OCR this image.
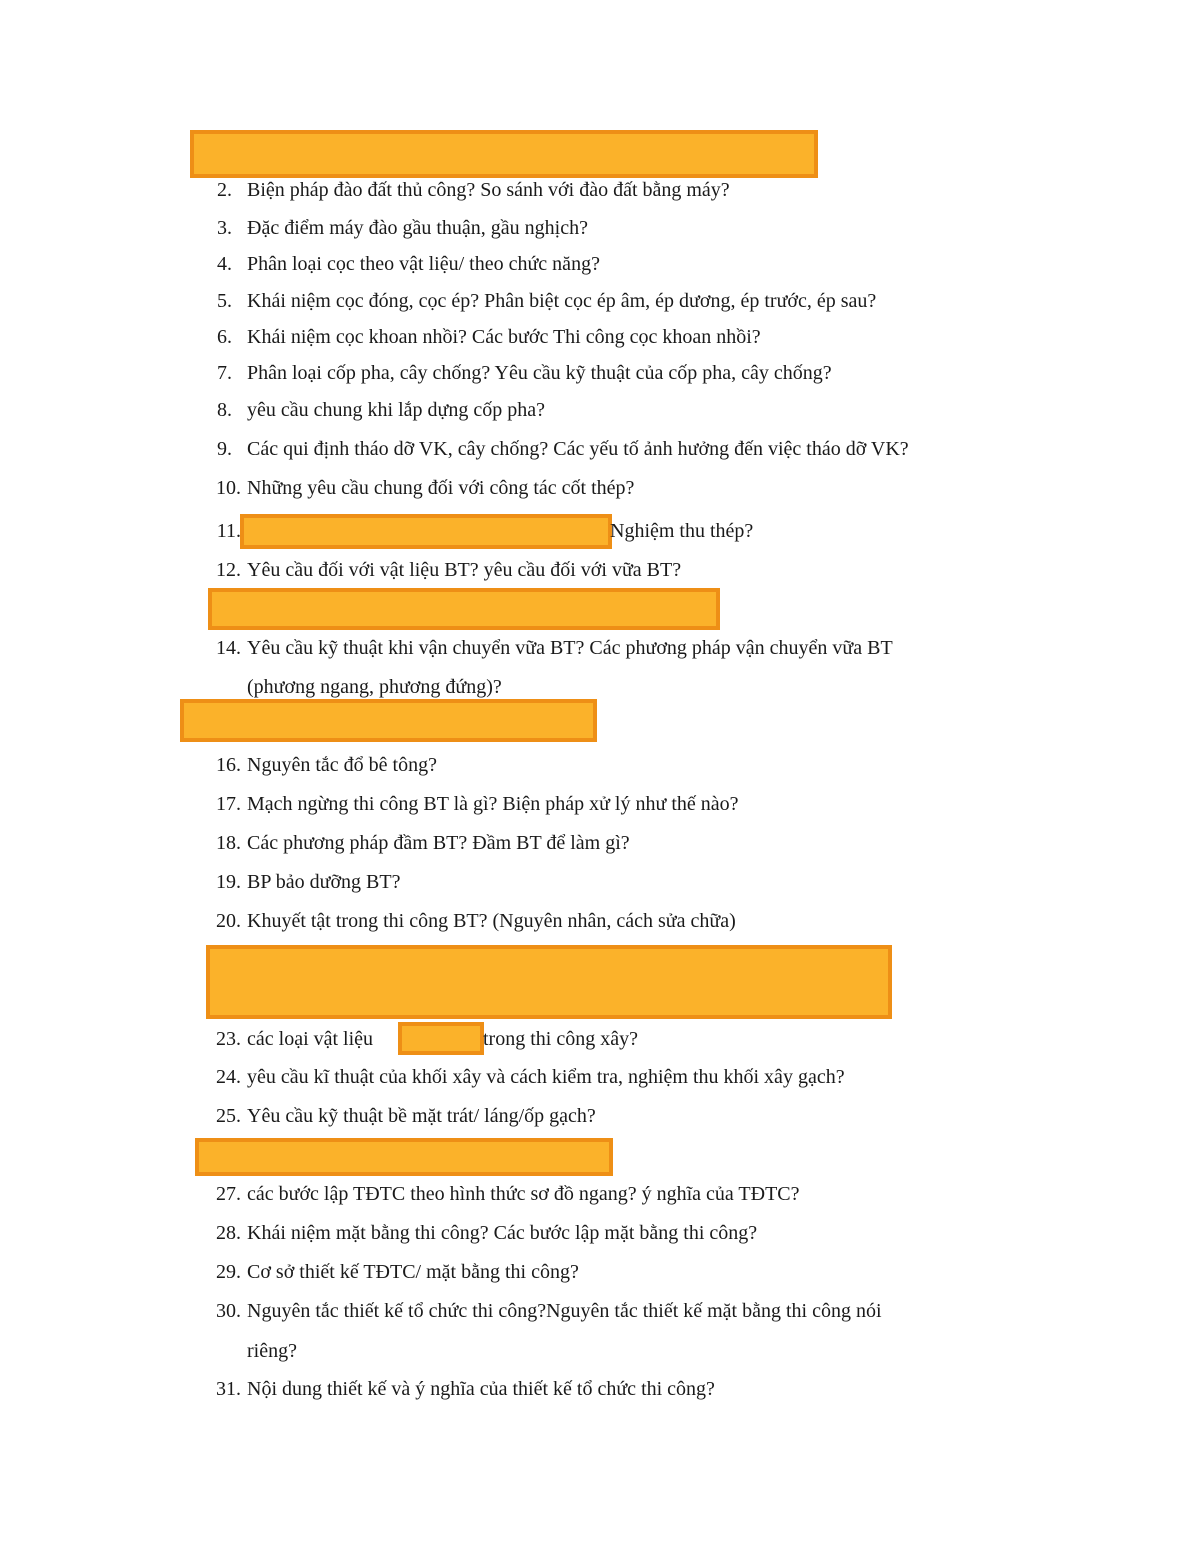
2. Biện pháp đào đất thủ công? So sánh với đào đất bằng máy?
3. Đặc điểm máy đào gầu thuận, gầu nghịch?
4. Phân loại cọc theo vật liệu/ theo chức năng?
5. Khái niệm cọc đóng, cọc ép? Phân biệt cọc ép âm, ép dương, ép trước, ép sau?
6. Khái niệm cọc khoan nhồi? Các bước Thi công cọc khoan nhồi?
7. Phân loại cốp pha, cây chống? Yêu cầu kỹ thuật của cốp pha, cây chống?
8. yêu cầu chung khi lắp dựng cốp pha?
9. Các qui định tháo dỡ VK, cây chống? Các yếu tố ảnh hưởng đến việc tháo dỡ VK?
10. Những yêu cầu chung đối với công tác cốt thép?
11.	Nghiệm thu thép?
12. Yêu cầu đối với vật liệu BT? yêu cầu đối với vữa BT?
14. Yêu cầu kỹ thuật khi vận chuyển vữa BT? Các phương pháp vận chuyển vữa BT
(phương ngang, phương đứng)?
16. Nguyên tắc đổ bê tông?
17. Mạch ngừng thi công BT là gì? Biện pháp xử lý như thế nào?
18. Các phương pháp đầm BT? Đầm BT để làm gì?
19. BP bảo dưỡng BT?
20. Khuyết tật trong thi công BT? (Nguyên nhân, cách sửa chữa)
23. các loại vật liệu	trong thi công xây?
24. yêu cầu kĩ thuật của khối xây và cách kiểm tra, nghiệm thu khối xây gạch?
25. Yêu cầu kỹ thuật bề mặt trát/ láng/ốp gạch?
27. các bước lập TĐTC theo hình thức sơ đồ ngang? ý nghĩa của TĐTC?
28. Khái niệm mặt bằng thi công? Các bước lập mặt bằng thi công?
29. Cơ sở thiết kế TĐTC/ mặt bằng thi công?
30. Nguyên tắc thiết kế tổ chức thi công?Nguyên tắc thiết kế mặt bằng thi công nói
riêng?
31. Nội dung thiết kế và ý nghĩa của thiết kế tổ chức thi công?
